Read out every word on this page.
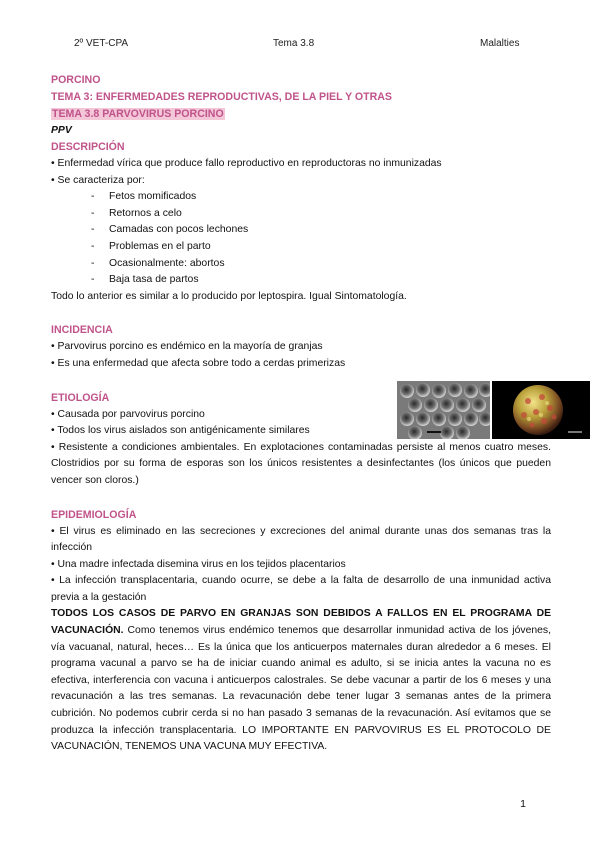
2º VET-CPA	Tema 3.8	Malalties

PORCINO

TEMA 3: ENFERMEDADES REPRODUCTIVAS, DE LA PIEL Y OTRAS

TEMA 3.8 PARVOVIRUS PORCINO

PPV

DESCRIPCIÓN

• Enfermedad vírica que produce fallo reproductivo en reproductoras no inmunizadas

• Se caracteriza por:

- Fetos momificados

- Retornos a celo

- Camadas con pocos lechones

- Problemas en el parto

- Ocasionalmente: abortos

- Baja tasa de partos

Todo lo anterior es similar a lo producido por leptospira. Igual Sintomatología.

INCIDENCIA

• Parvovirus porcino es endémico en la mayoría de granjas

• Es una enfermedad que afecta sobre todo a cerdas primerizas

ETIOLOGÍA

• Causada por parvovirus porcino

• Todos los virus aislados son antigénicamente similares

• Resistente a condiciones ambientales. En explotaciones contaminadas persiste al menos cuatro meses. Clostridios por su forma de esporas son los únicos resistentes a desinfectantes (los únicos que pueden vencer son cloros.)

EPIDEMIOLOGÍA

• El virus es eliminado en las secreciones y excreciones del animal durante unas dos semanas tras la infección

• Una madre infectada disemina virus en los tejidos placentarios

• La infección transplacentaria, cuando ocurre, se debe a la falta de desarrollo de una inmunidad activa previa a la gestación

TODOS LOS CASOS DE PARVO EN GRANJAS SON DEBIDOS A FALLOS EN EL PROGRAMA DE VACUNACIÓN. Como tenemos virus endémico tenemos que desarrollar inmunidad activa de los jóvenes, vía vacuanal, natural, heces… Es la única que los anticuerpos maternales duran alrededor a 6 meses. El programa vacunal a parvo se ha de iniciar cuando animal es adulto, si se inicia antes la vacuna no es efectiva, interferencia con vacuna i anticuerpos calostrales. Se debe vacunar a partir de los 6 meses y una revacunación a las tres semanas. La revacunación debe tener lugar 3 semanas antes de la primera cubrición. No podemos cubrir cerda si no han pasado 3 semanas de la revacunación. Así evitamos que se produzca la infección transplacentaria. LO IMPORTANTE EN PARVOVIRUS ES EL PROTOCOLO DE VACUNACIÓN, TENEMOS UNA VACUNA MUY EFECTIVA.

1
